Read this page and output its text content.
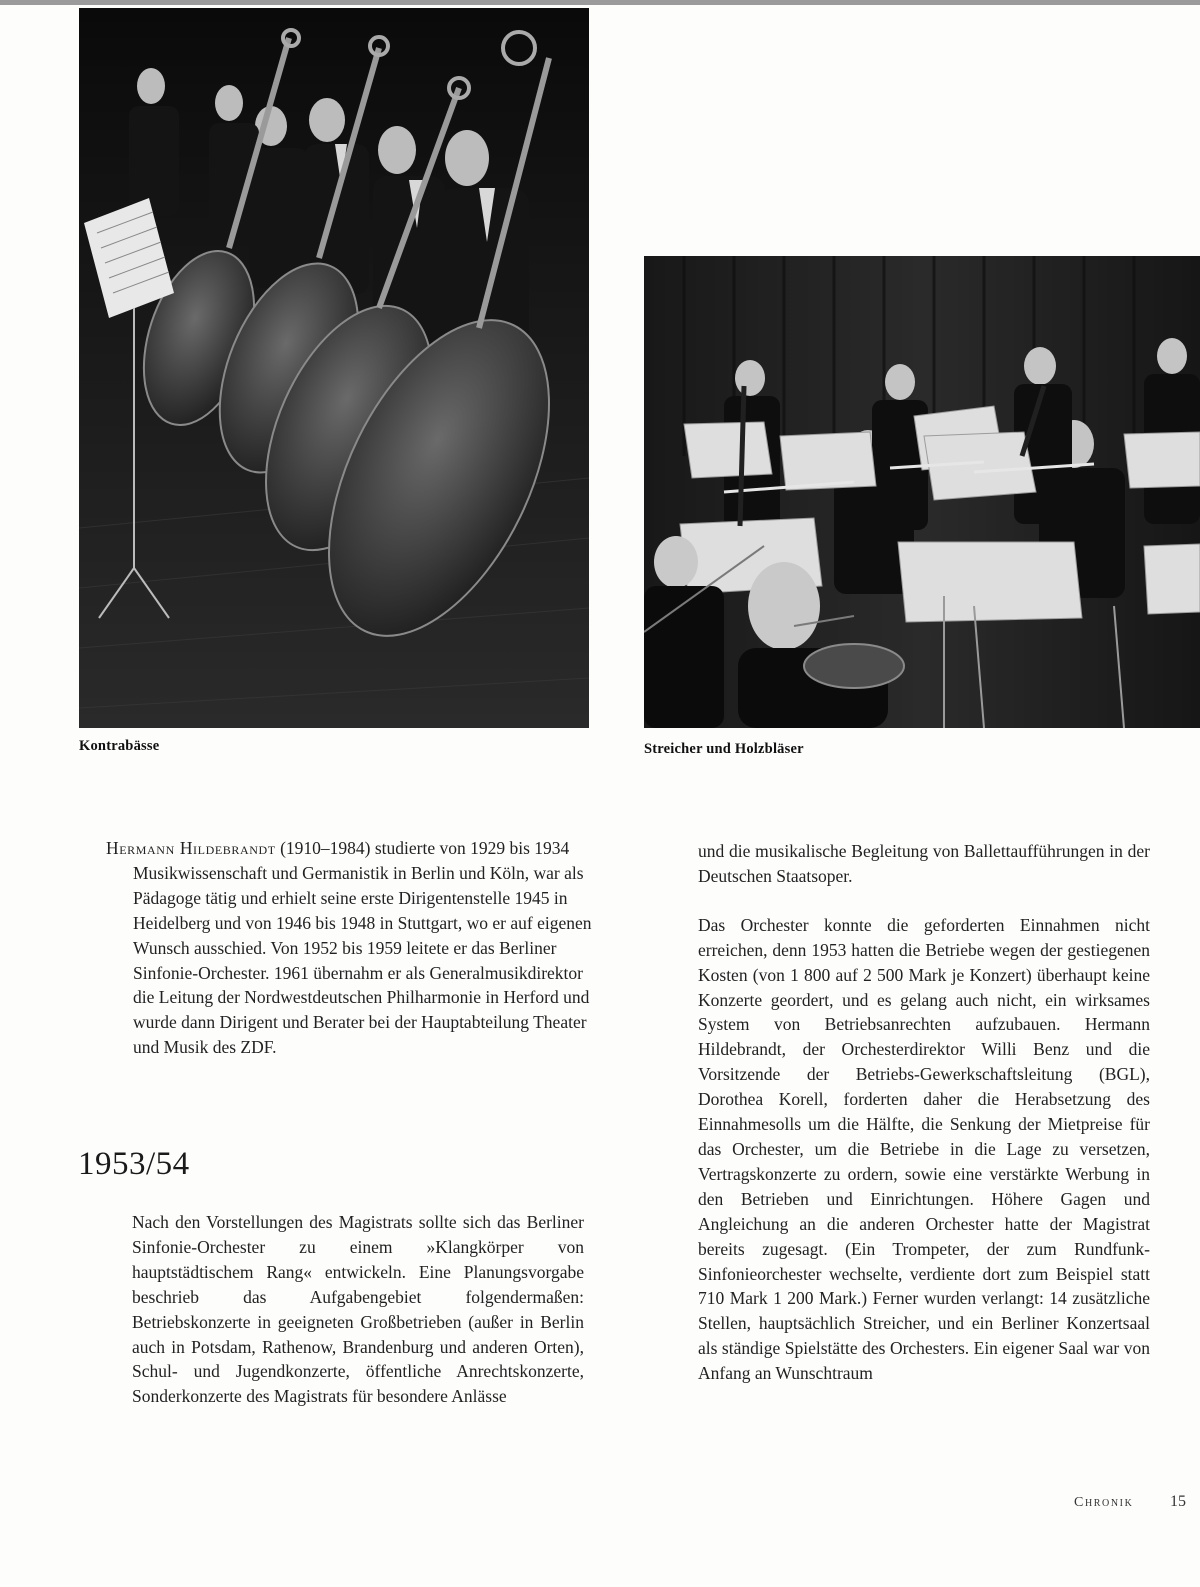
Kontrabässe	Streicher und Holzbläser

Hermann Hildebrandt (1910–1984) studierte von 1929 bis 1934 Musikwissenschaft und Germanistik in Berlin und Köln, war als Pädagoge tätig und erhielt seine erste Dirigentenstelle 1945 in Heidelberg und von 1946 bis 1948 in Stuttgart, wo er auf eigenen Wunsch ausschied. Von 1952 bis 1959 leitete er das Berliner Sinfonie-Orchester. 1961 übernahm er als Generalmusikdirektor die Leitung der Nordwestdeutschen Philharmonie in Herford und wurde dann Dirigent und Berater bei der Hauptabteilung Theater und Musik des ZDF.

1953/54

Nach den Vorstellungen des Magistrats sollte sich das Berliner Sinfonie-Orchester zu einem »Klangkörper von hauptstädtischem Rang« entwickeln. Eine Planungsvorgabe beschrieb das Aufgabengebiet folgendermaßen: Betriebskonzerte in geeigneten Großbetrieben (außer in Berlin auch in Potsdam, Rathenow, Brandenburg und anderen Orten), Schul- und Jugendkonzerte, öffentliche Anrechtskonzerte, Sonderkonzerte des Magistrats für besondere Anlässe

und die musikalische Begleitung von Ballettaufführungen in der Deutschen Staatsoper.

Das Orchester konnte die geforderten Einnahmen nicht erreichen, denn 1953 hatten die Betriebe wegen der gestiegenen Kosten (von 1 800 auf 2 500 Mark je Konzert) überhaupt keine Konzerte geordert, und es gelang auch nicht, ein wirksames System von Betriebsanrechten aufzubauen. Hermann Hildebrandt, der Orchesterdirektor Willi Benz und die Vorsitzende der Betriebs-Gewerkschaftsleitung (BGL), Dorothea Korell, forderten daher die Herabsetzung des Einnahmesolls um die Hälfte, die Senkung der Mietpreise für das Orchester, um die Betriebe in die Lage zu versetzen, Vertragskonzerte zu ordern, sowie eine verstärkte Werbung in den Betrieben und Einrichtungen. Höhere Gagen und Angleichung an die anderen Orchester hatte der Magistrat bereits zugesagt. (Ein Trompeter, der zum Rundfunk-Sinfonieorchester wechselte, verdiente dort zum Beispiel statt 710 Mark 1 200 Mark.) Ferner wurden verlangt: 14 zusätzliche Stellen, hauptsächlich Streicher, und ein Berliner Konzertsaal als ständige Spielstätte des Orchesters. Ein eigener Saal war von Anfang an Wunschtraum

Chronik 15
